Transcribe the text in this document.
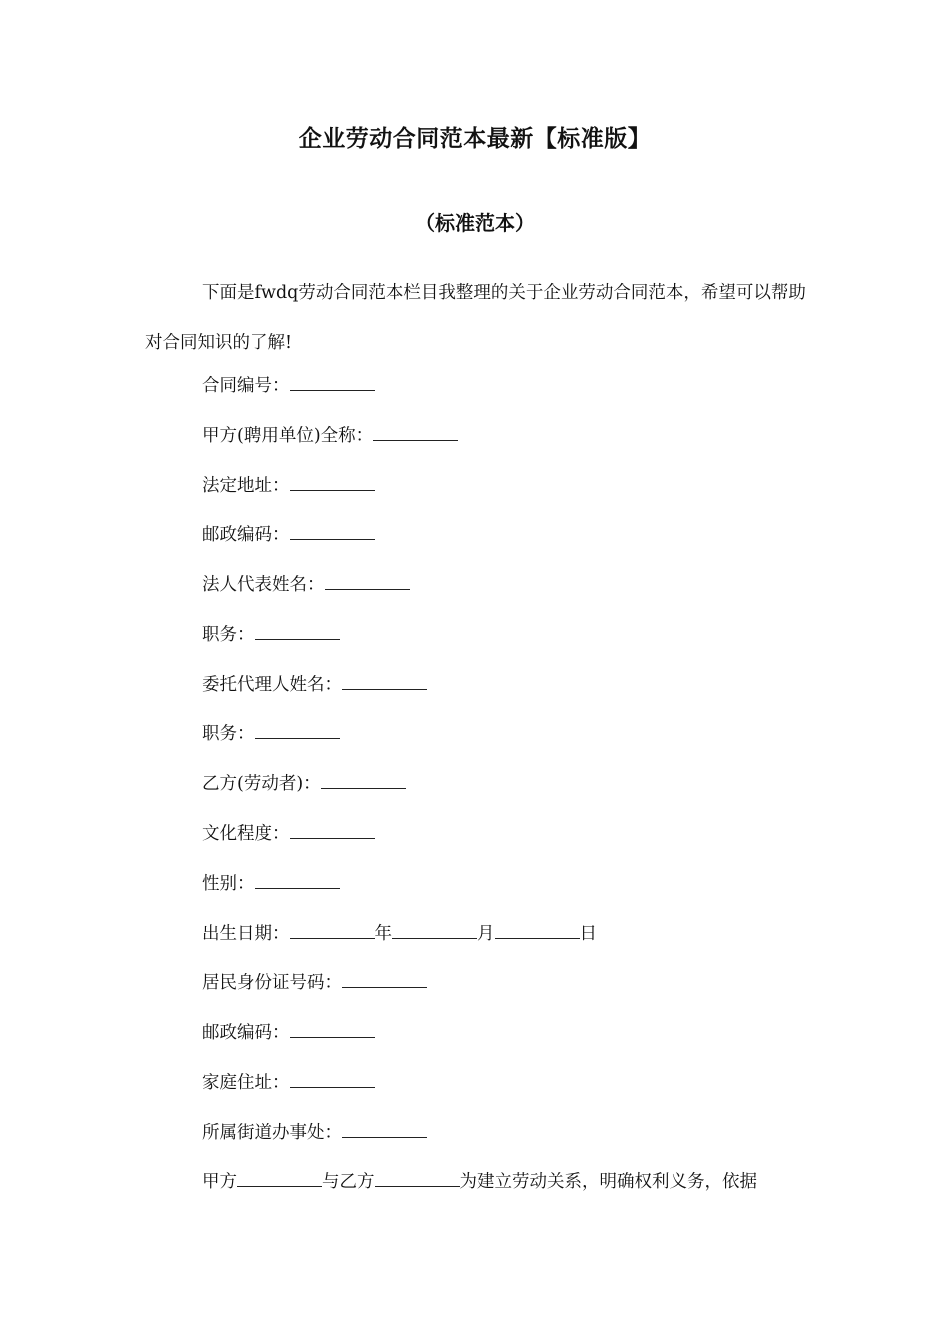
企业劳动合同范本最新【标准版】
（标准范本）

下面是fwdq劳动合同范本栏目我整理的关于企业劳动合同范本，希望可以帮助对合同知识的了解!

合同编号：
甲方(聘用单位)全称：
法定地址：
邮政编码：
法人代表姓名：
职务：
委托代理人姓名：
职务：
乙方(劳动者)：
文化程度：
性别：
出生日期：	年	月	日
居民身份证号码：
邮政编码：
家庭住址：
所属街道办事处：
甲方	与乙方	为建立劳动关系，明确权利义务，依据
